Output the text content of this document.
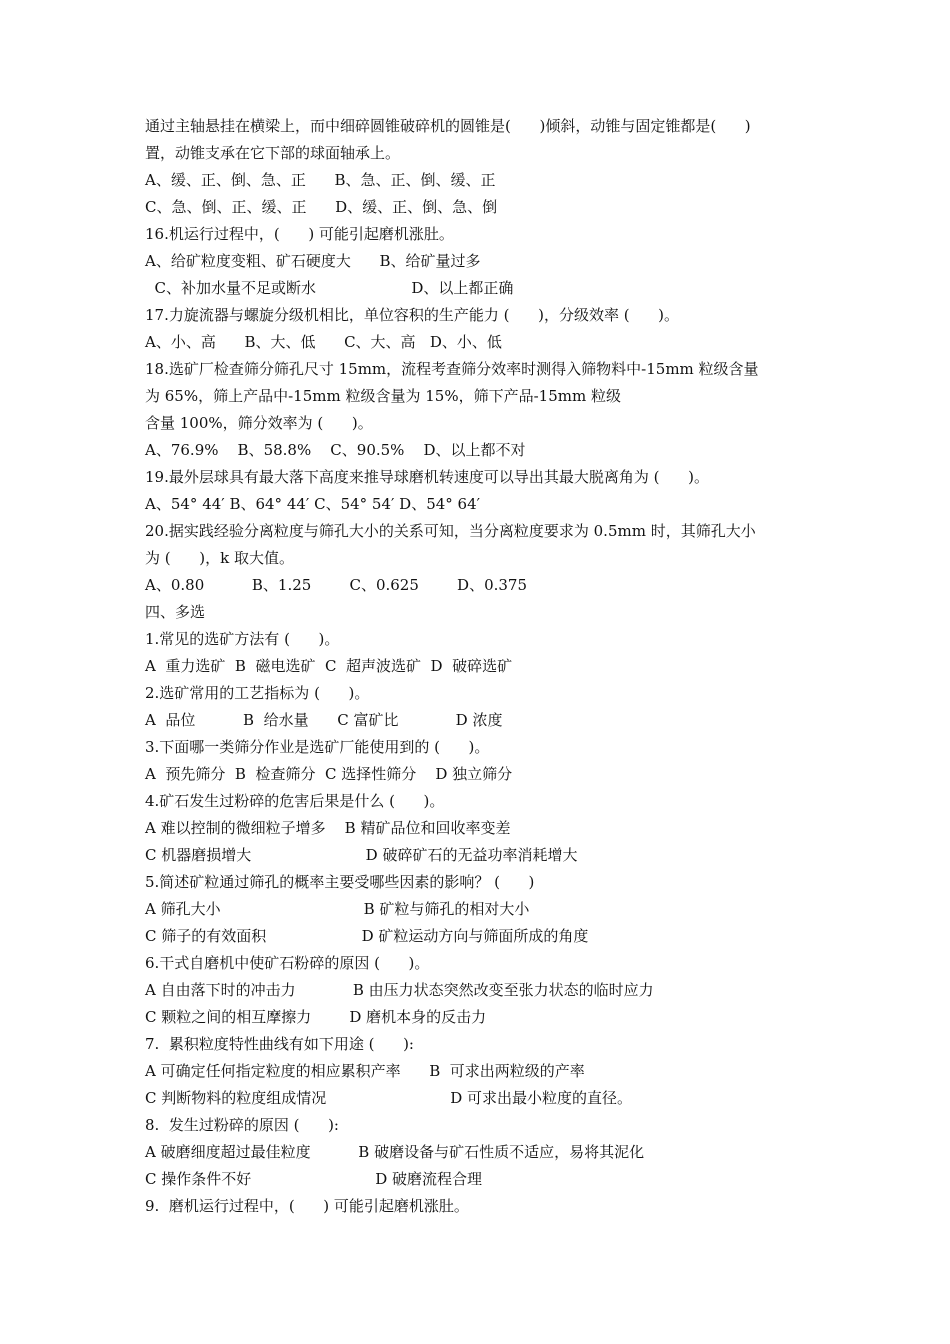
通过主轴悬挂在横梁上，而中细碎圆锥破碎机的圆锥是(      )倾斜，动锥与固定锥都是(      )
置，动锥支承在它下部的球面轴承上。
A、缓、正、倒、急、正      B、急、正、倒、缓、正
C、急、倒、正、缓、正      D、缓、正、倒、急、倒
16.机运行过程中，(      ) 可能引起磨机涨肚。
A、给矿粒度变粗、矿石硬度大      B、给矿量过多
C、补加水量不足或断水                    D、以上都正确
17.力旋流器与螺旋分级机相比，单位容积的生产能力 (      )，分级效率 (      )。
A、小、高      B、大、低      C、大、高   D、小、低
18.选矿厂检查筛分筛孔尺寸 15mm，流程考查筛分效率时测得入筛物料中-15mm 粒级含量
为 65%，筛上产品中-15mm 粒级含量为 15%，筛下产品-15mm 粒级
含量 100%，筛分效率为 (      )。
A、76.9%    B、58.8%    C、90.5%    D、以上都不对
19.最外层球具有最大落下高度来推导球磨机转速度可以导出其最大脱离角为 (      )。
A、54° 44′ B、64° 44′ C、54° 54′ D、54° 64′
20.据实践经验分离粒度与筛孔大小的关系可知，当分离粒度要求为 0.5mm 时，其筛孔大小
为 (      )，k 取大值。
A、0.80          B、1.25        C、0.625        D、0.375
四、多选
1.常见的选矿方法有 (      )。
A  重力选矿  B  磁电选矿  C  超声波选矿  D  破碎选矿
2.选矿常用的工艺指标为 (      )。
A  品位          B  给水量      C 富矿比            D 浓度
3.下面哪一类筛分作业是选矿厂能使用到的 (      )。
A  预先筛分  B  检查筛分  C 选择性筛分    D 独立筛分
4.矿石发生过粉碎的危害后果是什么 (      )。
A 难以控制的微细粒子增多    B 精矿品位和回收率变差
C 机器磨损增大                        D 破碎矿石的无益功率消耗增大
5.简述矿粒通过筛孔的概率主要受哪些因素的影响？ (      )
A 筛孔大小                              B 矿粒与筛孔的相对大小
C 筛子的有效面积                    D 矿粒运动方向与筛面所成的角度
6.干式自磨机中使矿石粉碎的原因 (      )。
A 自由落下时的冲击力            B 由压力状态突然改变至张力状态的临时应力
C 颗粒之间的相互摩擦力        D 磨机本身的反击力
7.  累积粒度特性曲线有如下用途 (      ):
A 可确定任何指定粒度的相应累积产率      B  可求出两粒级的产率
C 判断物料的粒度组成情况                          D 可求出最小粒度的直径。
8.  发生过粉碎的原因 (      ):
A 破磨细度超过最佳粒度          B 破磨设备与矿石性质不适应，易将其泥化
C 操作条件不好                          D 破磨流程合理
9.  磨机运行过程中，(      ) 可能引起磨机涨肚。
